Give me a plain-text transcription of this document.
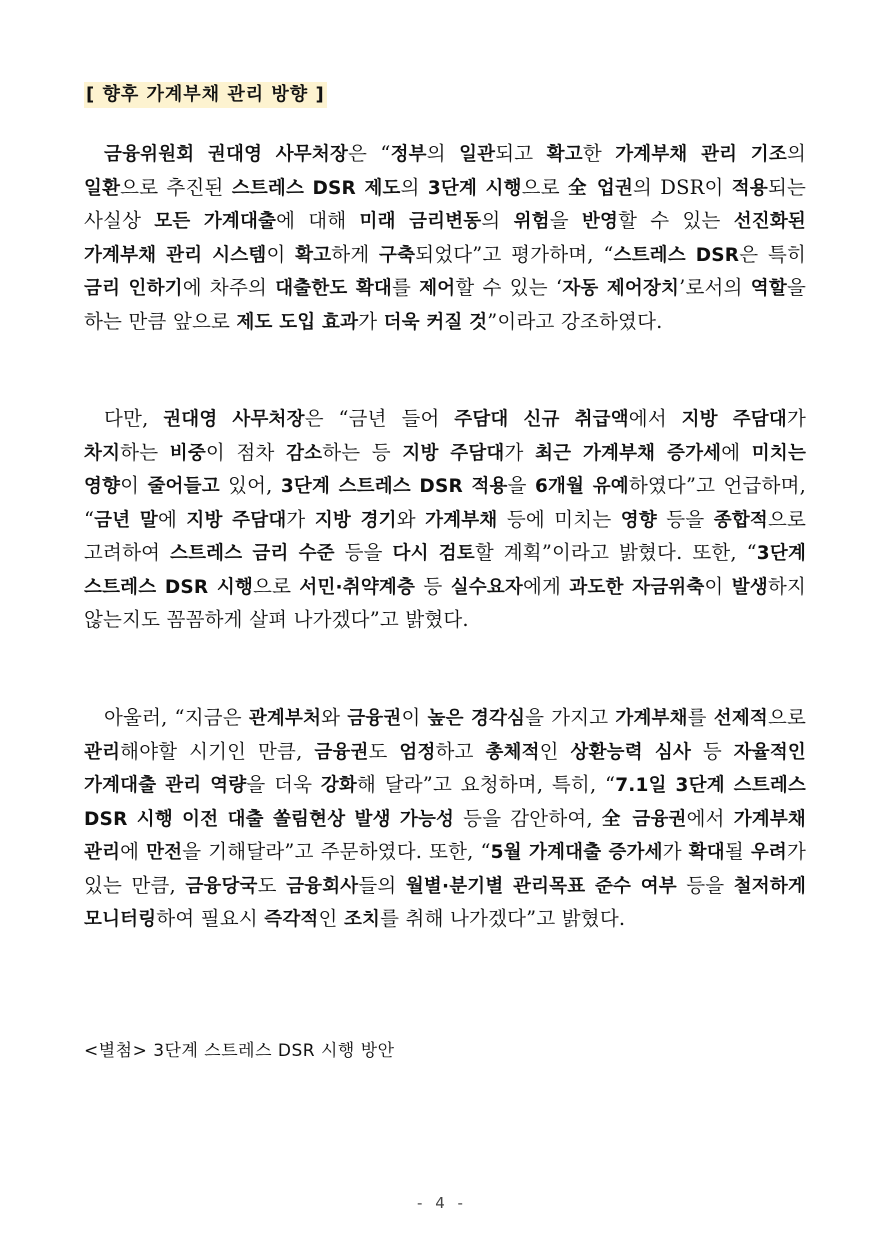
[ 향후 가계부채 관리 방향 ]
금융위원회 권대영 사무처장은 “정부의 일관되고 확고한 가계부채 관리 기조의 일환으로 추진된 스트레스 DSR 제도의 3단계 시행으로 全 업권의 DSR이 적용되는 사실상 모든 가계대출에 대해 미래 금리변동의 위험을 반영할 수 있는 선진화된 가계부채 관리 시스템이 확고하게 구축되었다”고 평가하며, “스트레스 DSR은 특히 금리 인하기에 차주의 대출한도 확대를 제어할 수 있는 ‘자동 제어장치’로서의 역할을 하는 만큼 앞으로 제도 도입 효과가 더욱 커질 것”이라고 강조하였다.
다만, 권대영 사무처장은 “금년 들어 주담대 신규 취급액에서 지방 주담대가 차지하는 비중이 점차 감소하는 등 지방 주담대가 최근 가계부채 증가세에 미치는 영향이 줄어들고 있어, 3단계 스트레스 DSR 적용을 6개월 유예하였다”고 언급하며, “금년 말에 지방 주담대가 지방 경기와 가계부채 등에 미치는 영향 등을 종합적으로 고려하여 스트레스 금리 수준 등을 다시 검토할 계획”이라고 밝혔다. 또한, “3단계 스트레스 DSR 시행으로 서민·취약계층 등 실수요자에게 과도한 자금위축이 발생하지 않는지도 꼼꼼하게 살펴 나가겠다”고 밝혔다.
아울러, “지금은 관계부처와 금융권이 높은 경각심을 가지고 가계부채를 선제적으로 관리해야할 시기인 만큼, 금융권도 엄정하고 총체적인 상환능력 심사 등 자율적인 가계대출 관리 역량을 더욱 강화해 달라”고 요청하며, 특히, “7.1일 3단계 스트레스 DSR 시행 이전 대출 쏠림현상 발생 가능성 등을 감안하여, 全 금융권에서 가계부채 관리에 만전을 기해달라”고 주문하였다. 또한, “5월 가계대출 증가세가 확대될 우려가 있는 만큼, 금융당국도 금융회사들의 월별·분기별 관리목표 준수 여부 등을 철저하게 모니터링하여 필요시 즉각적인 조치를 취해 나가겠다”고 밝혔다.
<별첨> 3단계 스트레스 DSR 시행 방안
- 4 -
